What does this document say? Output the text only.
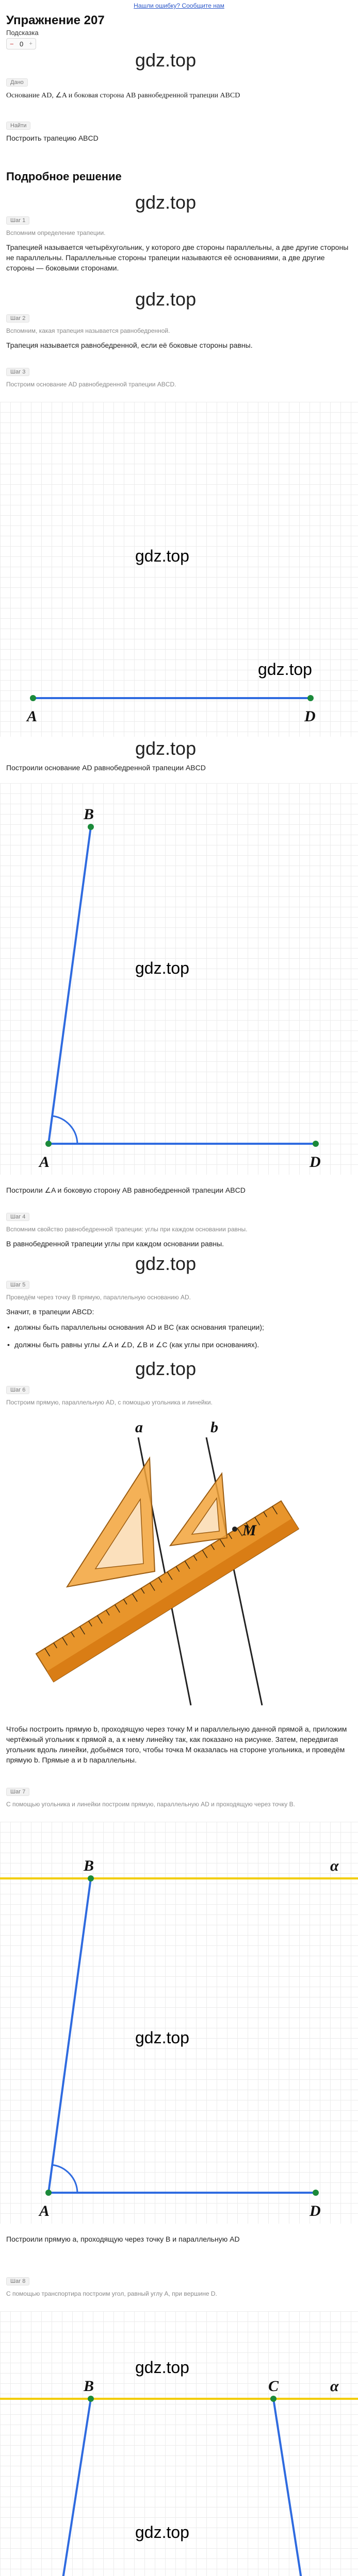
Нашли ошибку? Сообщите нам
Упражнение 207
Подсказка
− 0 +
gdz.top
Дано
Основание AD, ∠A и боковая сторона AB равнобедренной трапеции ABCD
Найти
Построить трапецию ABCD
Подробное решение
gdz.top
Шаг 1
Вспомним определение трапеции.
Трапецией называется четырёхугольник, у которого две стороны параллельны, а две другие стороны не параллельны. Параллельные стороны трапеции называются её основаниями, а две другие стороны — боковыми сторонами.
gdz.top
Шаг 2
Вспомним, какая трапеция называется равнобедренной.
Трапеция называется равнобедренной, если её боковые стороны равны.
Шаг 3
Построим основание AD равнобедренной трапеции ABCD.
gdz.top
gdz.top
A	D
gdz.top
Построили основание AD равнобедренной трапеции ABCD
gdz.top
A
B
D
Построили ∠A и боковую сторону AB равнобедренной трапеции ABCD
Шаг 4
Вспомним свойство равнобедренной трапеции: углы при каждом основании равны.
В равнобедренной трапеции углы при каждом основании равны.
gdz.top
Шаг 5
Проведём через точку B прямую, параллельную основанию AD.
Значит, в трапеции ABCD:
• должны быть параллельны основания AD и BC (как основания трапеции);
• должны быть равны углы ∠A и ∠D, ∠B и ∠C (как углы при основаниях).
gdz.top
Шаг 6
Построим прямую, параллельную AD, с помощью угольника и линейки.
a	b
M
Чтобы построить прямую b, проходящую через точку M и параллельную данной прямой a, приложим чертёжный угольник к прямой a, а к нему линейку так, как показано на рисунке. Затем, передвигая угольник вдоль линейки, добьёмся того, чтобы точка M оказалась на стороне угольника, и проведём прямую b. Прямые a и b параллельны.
Шаг 7
С помощью угольника и линейки построим прямую, параллельную AD и проходящую через точку B.
gdz.top
A
B
D
α
Построили прямую a, проходящую через точку B и параллельную AD
Шаг 8
С помощью транспортира построим угол, равный углу A, при вершине D.
gdz.top
gdz.top
B	C	α
